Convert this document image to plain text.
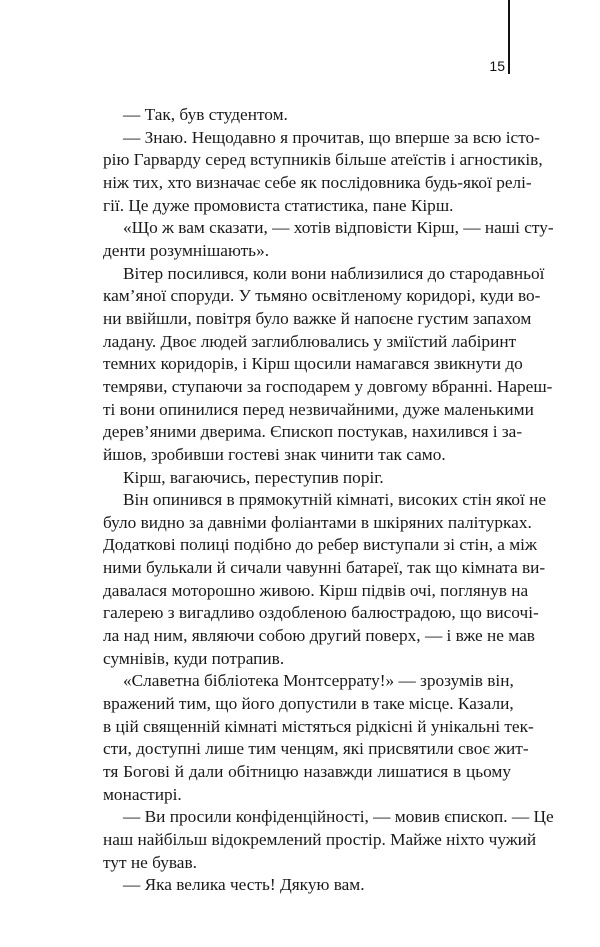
15
— Так, був студентом.
— Знаю. Нещодавно я прочитав, що вперше за всю істо-
рію Гарварду серед вступників більше атеїстів і агностиків,
ніж тих, хто визначає себе як послідовника будь-якої релі-
гії. Це дуже промовиста статистика, пане Кірш.
«Що ж вам сказати, — хотів відповісти Кірш, — наші сту-
денти розумнішають».
Вітер посилився, коли вони наблизилися до стародавньої
кам’яної споруди. У тьмяно освітленому коридорі, куди во-
ни ввійшли, повітря було важке й напоєне густим запахом
ладану. Двоє людей заглиблювались у зміїстий лабіринт
темних коридорів, і Кірш щосили намагався звикнути до
темряви, ступаючи за господарем у довгому вбранні. Нареш-
ті вони опинилися перед незвичайними, дуже маленькими
дерев’яними дверима. Єпископ постукав, нахилився і за-
йшов, зробивши гостеві знак чинити так само.
Кірш, вагаючись, переступив поріг.
Він опинився в прямокутній кімнаті, високих стін якої не
було видно за давніми фоліантами в шкіряних палітурках.
Додаткові полиці подібно до ребер виступали зі стін, а між
ними булькали й сичали чавунні батареї, так що кімната ви-
давалася моторошно живою. Кірш підвів очі, поглянув на
галерею з вигадливо оздобленою балюстрадою, що височі-
ла над ним, являючи собою другий поверх, — і вже не мав
сумнівів, куди потрапив.
«Славетна бібліотека Монтсеррату!» — зрозумів він,
вражений тим, що його допустили в таке місце. Казали,
в цій священній кімнаті містяться рідкісні й унікальні тек-
сти, доступні лише тим ченцям, які присвятили своє жит-
тя Богові й дали обітницю назавжди лишатися в цьому
монастирі.
— Ви просили конфіденційності, — мовив єпископ. — Це
наш найбільш відокремлений простір. Майже ніхто чужий
тут не бував.
— Яка велика честь! Дякую вам.
